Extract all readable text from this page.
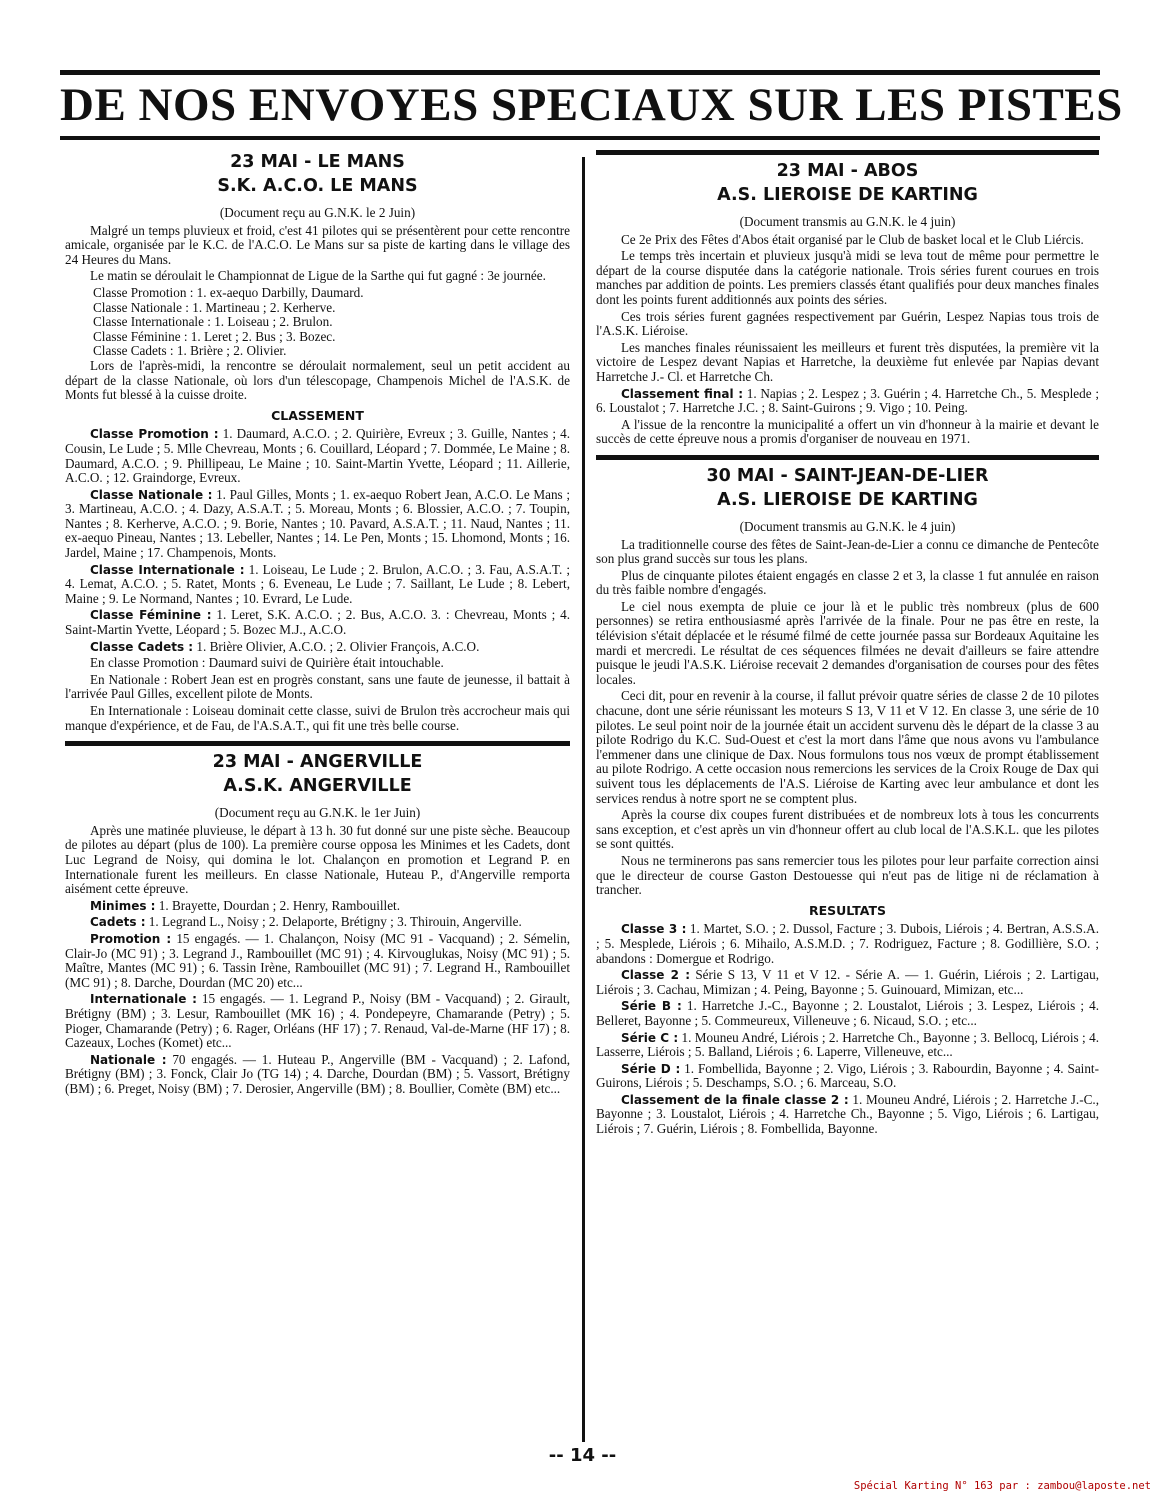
DE NOS ENVOYES SPECIAUX SUR LES PISTES
23 MAI - LE MANS
S.K. A.C.O. LE MANS
(Document reçu au G.N.K. le 2 Juin)

Malgré un temps pluvieux et froid, c'est 41 pilotes qui se présentèrent pour cette rencontre amicale, organisée par le K.C. de l'A.C.O. Le Mans sur sa piste de karting dans le village des 24 Heures du Mans.

Le matin se déroulait le Championnat de Ligue de la Sarthe qui fut gagné : 3e journée.

Classe Promotion : 1. ex-aequo Darbilly, Daumard.
Classe Nationale : 1. Martineau ; 2. Kerherve.
Classe Internationale : 1. Loiseau ; 2. Brulon.
Classe Féminine : 1. Leret ; 2. Bus ; 3. Bozec.
Classe Cadets : 1. Brière ; 2. Olivier.

Lors de l'après-midi, la rencontre se déroulait normalement, seul un petit accident au départ de la classe Nationale, où lors d'un télescopage, Champenois Michel de l'A.S.K. de Monts fut blessé à la cuisse droite.

CLASSEMENT

Classe Promotion : 1. Daumard, A.C.O. ; 2. Quirière, Evreux ; 3. Guille, Nantes ; 4. Cousin, Le Lude ; 5. Mlle Chevreau, Monts ; 6. Couillard, Léopard ; 7. Dommée, Le Maine ; 8. Daumard, A.C.O. ; 9. Phillipeau, Le Maine ; 10. Saint-Martin Yvette, Léopard ; 11. Aillerie, A.C.O. ; 12. Graindorge, Evreux.

Classe Nationale : 1. Paul Gilles, Monts ; 1. ex-aequo Robert Jean, A.C.O. Le Mans ; 3. Martineau, A.C.O. ; 4. Dazy, A.S.A.T. ; 5. Moreau, Monts ; 6. Blossier, A.C.O. ; 7. Toupin, Nantes ; 8. Kerherve, A.C.O. ; 9. Borie, Nantes ; 10. Pavard, A.S.A.T. ; 11. Naud, Nantes ; 11. ex-aequo Pineau, Nantes ; 13. Lebeller, Nantes ; 14. Le Pen, Monts ; 15. Lhomond, Monts ; 16. Jardel, Maine ; 17. Champenois, Monts.

Classe Internationale : 1. Loiseau, Le Lude ; 2. Brulon, A.C.O. ; 3. Fau, A.S.A.T. ; 4. Lemat, A.C.O. ; 5. Ratet, Monts ; 6. Eveneau, Le Lude ; 7. Saillant, Le Lude ; 8. Lebert, Maine ; 9. Le Normand, Nantes ; 10. Evrard, Le Lude.

Classe Féminine : 1. Leret, S.K. A.C.O. ; 2. Bus, A.C.O. 3. : Chevreau, Monts ; 4. Saint-Martin Yvette, Léopard ; 5. Bozec M.J., A.C.O.

Classe Cadets : 1. Brière Olivier, A.C.O. ; 2. Olivier François, A.C.O.

En classe Promotion : Daumard suivi de Quirière était intouchable.

En Nationale : Robert Jean est en progrès constant, sans une faute de jeunesse, il battait à l'arrivée Paul Gilles, excellent pilote de Monts.

En Internationale : Loiseau dominait cette classe, suivi de Brulon très accrocheur mais qui manque d'expérience, et de Fau, de l'A.S.A.T., qui fit une très belle course.

23 MAI - ANGERVILLE
A.S.K. ANGERVILLE
(Document reçu au G.N.K. le 1er Juin)

Après une matinée pluvieuse, le départ à 13 h. 30 fut donné sur une piste sèche. Beaucoup de pilotes au départ (plus de 100). La première course opposa les Minimes et les Cadets, dont Luc Legrand de Noisy, qui domina le lot. Chalançon en promotion et Legrand P. en Internationale furent les meilleurs. En classe Nationale, Huteau P., d'Angerville remporta aisément cette épreuve.

Minimes : 1. Brayette, Dourdan ; 2. Henry, Rambouillet.

Cadets : 1. Legrand L., Noisy ; 2. Delaporte, Brétigny ; 3. Thirouin, Angerville.

Promotion : 15 engagés. — 1. Chalançon, Noisy (MC 91 - Vacquand) ; 2. Sémelin, Clair-Jo (MC 91) ; 3. Legrand J., Rambouillet (MC 91) ; 4. Kirvouglukas, Noisy (MC 91) ; 5. Maître, Mantes (MC 91) ; 6. Tassin Irène, Rambouillet (MC 91) ; 7. Legrand H., Rambouillet (MC 91) ; 8. Darche, Dourdan (MC 20) etc...

Internationale : 15 engagés. — 1. Legrand P., Noisy (BM - Vacquand) ; 2. Girault, Brétigny (BM) ; 3. Lesur, Rambouillet (MK 16) ; 4. Pondepeyre, Chamarande (Petry) ; 5. Pioger, Chamarande (Petry) ; 6. Rager, Orléans (HF 17) ; 7. Renaud, Val-de-Marne (HF 17) ; 8. Cazeaux, Loches (Komet) etc...

Nationale : 70 engagés. — 1. Huteau P., Angerville (BM - Vacquand) ; 2. Lafond, Brétigny (BM) ; 3. Fonck, Clair Jo (TG 14) ; 4. Darche, Dourdan (BM) ; 5. Vassort, Brétigny (BM) ; 6. Preget, Noisy (BM) ; 7. Derosier, Angerville (BM) ; 8. Boullier, Comète (BM) etc...

23 MAI - ABOS
A.S. LIEROISE DE KARTING
(Document transmis au G.N.K. le 4 juin)

Ce 2e Prix des Fêtes d'Abos était organisé par le Club de basket local et le Club Liércis.

Le temps très incertain et pluvieux jusqu'à midi se leva tout de même pour permettre le départ de la course disputée dans la catégorie nationale. Trois séries furent courues en trois manches par addition de points. Les premiers classés étant qualifiés pour deux manches finales dont les points furent additionnés aux points des séries.

Ces trois séries furent gagnées respectivement par Guérin, Lespez Napias tous trois de l'A.S.K. Liéroise.

Les manches finales réunissaient les meilleurs et furent très disputées, la première vit la victoire de Lespez devant Napias et Harretche, la deuxième fut enlevée par Napias devant Harretche J.- Cl. et Harretche Ch.

Classement final : 1. Napias ; 2. Lespez ; 3. Guérin ; 4. Harretche Ch., 5. Mesplede ; 6. Loustalot ; 7. Harretche J.C. ; 8. Saint-Guirons ; 9. Vigo ; 10. Peing.

A l'issue de la rencontre la municipalité a offert un vin d'honneur à la mairie et devant le succès de cette épreuve nous a promis d'organiser de nouveau en 1971.

30 MAI - SAINT-JEAN-DE-LIER
A.S. LIEROISE DE KARTING
(Document transmis au G.N.K. le 4 juin)

La traditionnelle course des fêtes de Saint-Jean-de-Lier a connu ce dimanche de Pentecôte son plus grand succès sur tous les plans.

Plus de cinquante pilotes étaient engagés en classe 2 et 3, la classe 1 fut annulée en raison du très faible nombre d'engagés.

Le ciel nous exempta de pluie ce jour là et le public très nombreux (plus de 600 personnes) se retira enthousiasmé après l'arrivée de la finale. Pour ne pas être en reste, la télévision s'était déplacée et le résumé filmé de cette journée passa sur Bordeaux Aquitaine les mardi et mercredi. Le résultat de ces séquences filmées ne devait d'ailleurs se faire attendre puisque le jeudi l'A.S.K. Liéroise recevait 2 demandes d'organisation de courses pour des fêtes locales.

Ceci dit, pour en revenir à la course, il fallut prévoir quatre séries de classe 2 de 10 pilotes chacune, dont une série réunissant les moteurs S 13, V 11 et V 12. En classe 3, une série de 10 pilotes. Le seul point noir de la journée était un accident survenu dès le départ de la classe 3 au pilote Rodrigo du K.C. Sud-Ouest et c'est la mort dans l'âme que nous avons vu l'ambulance l'emmener dans une clinique de Dax. Nous formulons tous nos vœux de prompt établissement au pilote Rodrigo. A cette occasion nous remercions les services de la Croix Rouge de Dax qui suivent tous les déplacements de l'A.S. Liéroise de Karting avec leur ambulance et dont les services rendus à notre sport ne se comptent plus.

Après la course dix coupes furent distribuées et de nombreux lots à tous les concurrents sans exception, et c'est après un vin d'honneur offert au club local de l'A.S.K.L. que les pilotes se sont quittés.

Nous ne terminerons pas sans remercier tous les pilotes pour leur parfaite correction ainsi que le directeur de course Gaston Destouesse qui n'eut pas de litige ni de réclamation à trancher.

RESULTATS

Classe 3 : 1. Martet, S.O. ; 2. Dussol, Facture ; 3. Dubois, Liérois ; 4. Bertran, A.S.S.A. ; 5. Mesplede, Liérois ; 6. Mihailo, A.S.M.D. ; 7. Rodriguez, Facture ; 8. Godillière, S.O. ; abandons : Domergue et Rodrigo.

Classe 2 : Série S 13, V 11 et V 12. - Série A. — 1. Guérin, Liérois ; 2. Lartigau, Liérois ; 3. Cachau, Mimizan ; 4. Peing, Bayonne ; 5. Guinouard, Mimizan, etc...

Série B : 1. Harretche J.-C., Bayonne ; 2. Loustalot, Liérois ; 3. Lespez, Liérois ; 4. Belleret, Bayonne ; 5. Commeureux, Villeneuve ; 6. Nicaud, S.O. ; etc...

Série C : 1. Mouneu André, Liérois ; 2. Harretche Ch., Bayonne ; 3. Bellocq, Liérois ; 4. Lasserre, Liérois ; 5. Balland, Liérois ; 6. Laperre, Villeneuve, etc...

Série D : 1. Fombellida, Bayonne ; 2. Vigo, Liérois ; 3. Rabourdin, Bayonne ; 4. Saint-Guirons, Liérois ; 5. Deschamps, S.O. ; 6. Marceau, S.O.

Classement de la finale classe 2 : 1. Mouneu André, Liérois ; 2. Harretche J.-C., Bayonne ; 3. Loustalot, Liérois ; 4. Harretche Ch., Bayonne ; 5. Vigo, Liérois ; 6. Lartigau, Liérois ; 7. Guérin, Liérois ; 8. Fombellida, Bayonne.

-- 14 --
Spécial Karting N° 163 par : zambou@laposte.net
